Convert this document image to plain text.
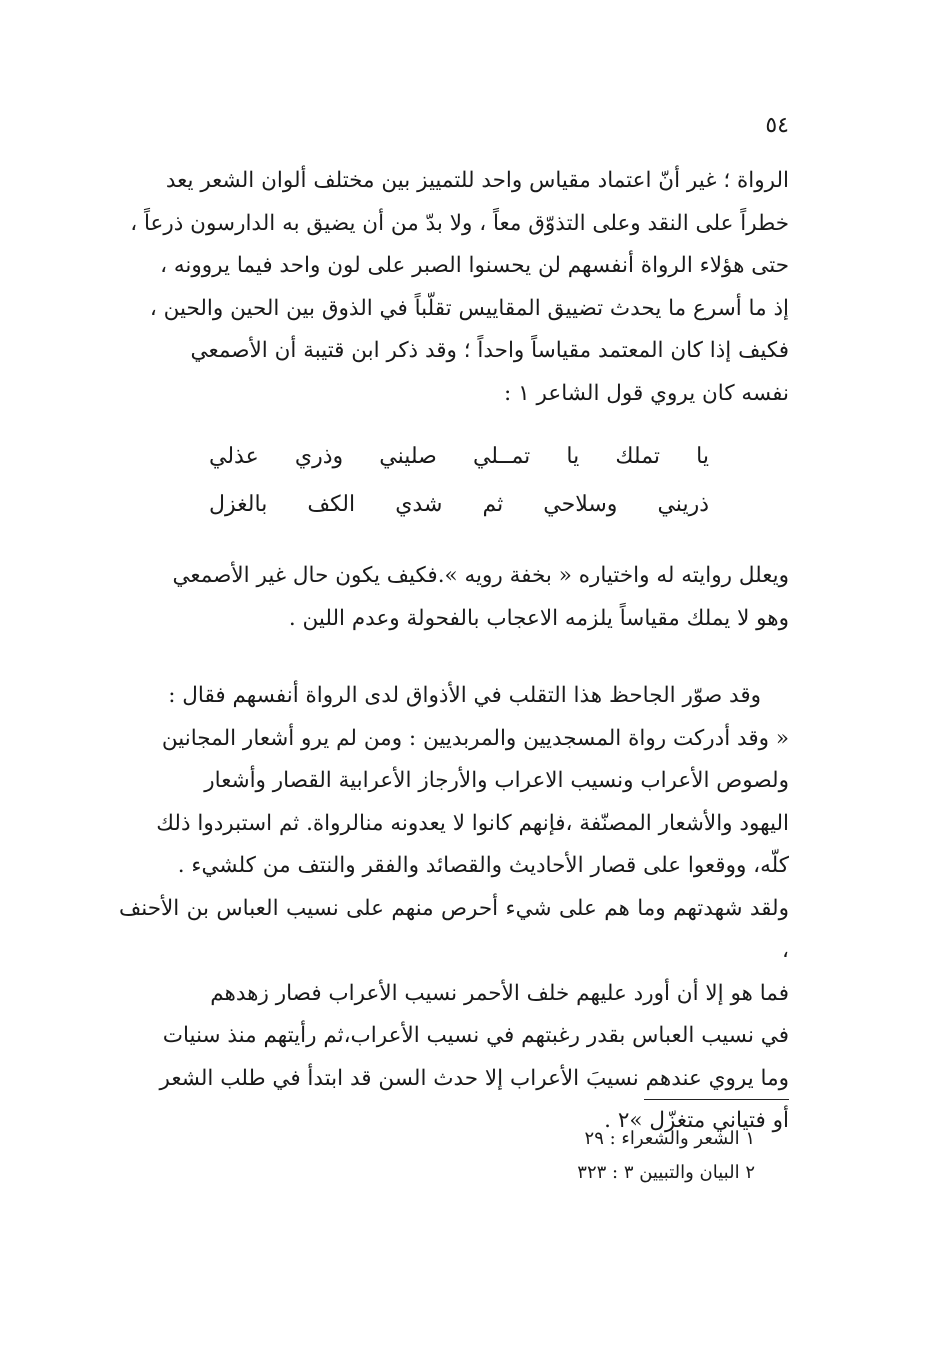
٥٤

الرواة ؛ غير أنّ اعتماد مقياس واحد للتمييز بين مختلف ألوان الشعر يعد

خطراً على النقد وعلى التذوّق معاً ، ولا بدّ من أن يضيق به الدارسون ذرعاً ،

حتى هؤلاء الرواة أنفسهم لن يحسنوا الصبر على لون واحد فيما يروونه ،

إذ ما أسرع ما يحدث تضييق المقاييس تقلّباً في الذوق بين الحين والحين ،

فكيف إذا كان المعتمد مقياساً واحداً ؛ وقد ذكر ابن قتيبة أن الأصمعي

نفسه كان يروي قول الشاعر ١ :

يا
تملك
يا
تمــلي
صليني
وذري
عذلي
ذريني
وسلاحي
ثم
شدي
الكف
بالغزل

ويعلل روايته له واختياره « بخفة رويه ».فكيف يكون حال غير الأصمعي

وهو لا يملك مقياساً يلزمه الاعجاب بالفحولة وعدم اللين .

وقد صوّر الجاحظ هذا التقلب في الأذواق لدى الرواة أنفسهم فقال :

« وقد أدركت رواة المسجديين والمربديين : ومن لم يرو أشعار المجانين

ولصوص الأعراب ونسيب الاعراب والأرجاز الأعرابية القصار وأشعار

اليهود والأشعار المصنّفة ،فإنهم كانوا لا يعدونه منالرواة. ثم استبردوا ذلك

كلّه، ووقعوا على قصار الأحاديث والقصائد والفقر والنتف من كلشيء .

ولقد شهدتهم وما هم على شيء أحرص منهم على نسيب العباس بن الأحنف ،

فما هو إلا أن أورد عليهم خلف الأحمر نسيب الأعراب فصار زهدهم

في نسيب العباس بقدر رغبتهم في نسيب الأعراب،ثم رأيتهم منذ سنيات

وما يروي عندهم نسيبَ الأعراب إلا حدث السن قد ابتدأ في طلب الشعر

أو فتياني متغزّل »٢ .

١ الشعر والشعراء : ٢٩

٢ البيان والتبيين ٣ : ٣٢٣
